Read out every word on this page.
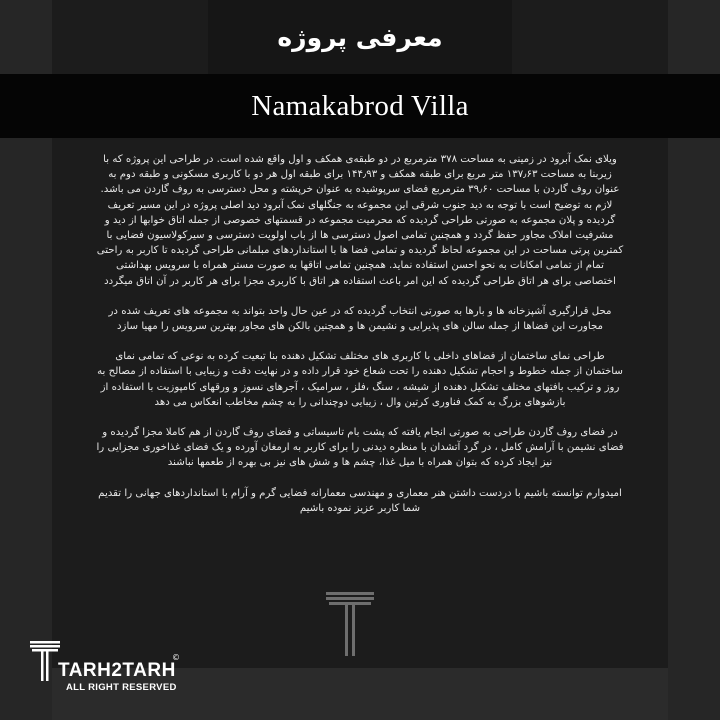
معرفی پروژه
Namakabrod Villa

ویلای نمک آبرود در زمینی به مساحت ۳۷۸ مترمربع در دو طبقه‌ی همکف و اول واقع شده است. در طراحی این پروژه که با زیربنا به مساحت ۱۳۷٫۶۳ متر مربع برای طبقه همکف و ۱۴۴٫۹۳ برای طبقه اول هر دو با کاربری مسکونی و طبقه دوم به عنوان روف گاردن با مساحت ۳۹٫۶۰ مترمربع فضای سرپوشیده به عنوان خرپشته و محل دسترسی به روف گاردن می باشد. لازم به توضیح است با توجه به دید جنوب شرقی این مجموعه به جنگلهای نمک آبرود دید اصلی پروژه در این مسیر تعریف گردیده و پلان مجموعه به صورتی طراحی گردیده که محرمیت مجموعه در قسمتهای خصوصی از جمله اتاق خوابها از دید و مشرفیت املاک مجاور حفظ گردد و همچنین تمامی اصول دسترسی ها از باب اولویت دسترسی و سیرکولاسیون فضایی با کمترین پرتی مساحت در این مجموعه لحاظ گردیده و تمامی فضا ها با استانداردهای مبلمانی طراحی گردیده تا کاربر به راحتی تمام از تمامی امکانات به نحو احسن استفاده نماید. همچنین تمامی اتاقها به صورت مستر همراه با سرویس بهداشتی اختصاصی برای هر اتاق طراحی گردیده که این امر باعث استفاده هر اتاق با کاربری مجزا برای هر کاربر در آن اتاق میگردد

محل قرارگیری آشپزخانه ها و بارها به صورتی انتخاب گردیده که در عین حال واحد بتواند به مجموعه های تعریف شده در مجاورت این فضاها از جمله سالن های پذیرایی و نشیمن ها و همچنین بالکن های مجاور بهترین سرویس را مهیا سازد

طراحی نمای ساختمان از فضاهای داخلی با کاربری های مختلف تشکیل دهنده بنا تبعیت کرده به نوعی که تمامی نمای ساختمان از جمله خطوط و احجام تشکیل دهنده را تحت شعاع خود قرار داده و در نهایت دقت و زیبایی با استفاده از مصالح به روز و ترکیب بافتهای مختلف تشکیل دهنده از شیشه ، سنگ ،فلز ، سرامیک ، آجرهای نسوز و ورقهای کامپوزیت با استفاده از بازشوهای بزرگ به کمک فناوری کرتین وال ، زیبایی دوچندانی را به چشم مخاطب انعکاس می دهد

در فضای روف گاردن طراحی به صورتی انجام یافته که پشت بام تاسیساتی و فضای روف گاردن از هم کاملا مجزا گردیده و فضای نشیمن با آرامش کامل ، در گرد آتشدان با منظره دیدنی را برای کاربر به ارمغان آورده و یک فضای غذاخوری مجزایی را نیز ایجاد کرده که بتوان همراه با میل غذا، چشم ها و شش های نیز بی بهره از طعمها نباشند

امیدوارم توانسته باشیم با دردست داشتن هنر معماری و مهندسی معمارانه فضایی گرم و آرام با استانداردهای جهانی را تقدیم شما کاربر عزیز نموده باشیم

TARH2TARH
©
ALL RIGHT RESERVED
